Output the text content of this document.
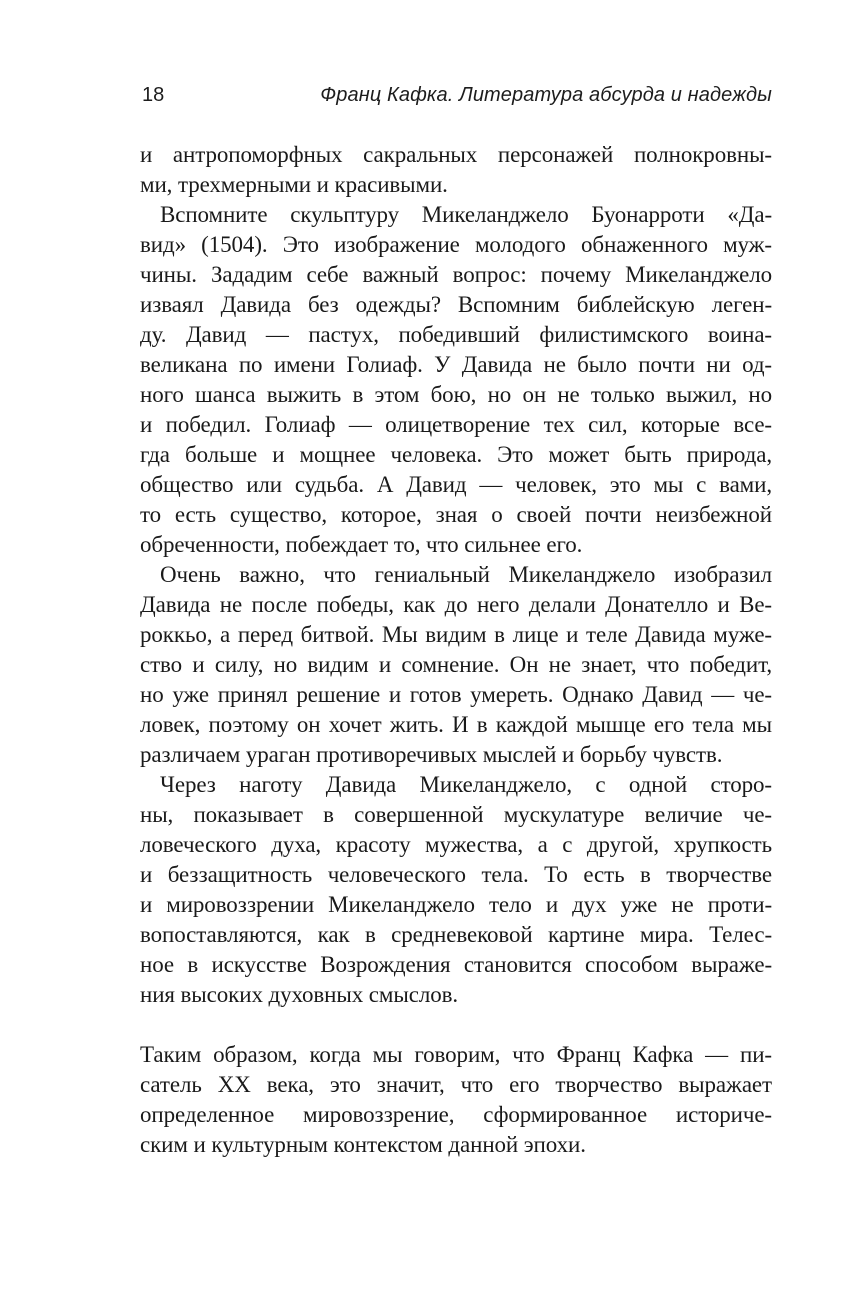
18	Франц Кафка. Литература абсурда и надежды
и антропоморфных сакральных персонажей полнокровны-
ми, трехмерными и красивыми.
Вспомните скульптуру Микеланджело Буонарроти «Да-
вид» (1504). Это изображение молодого обнаженного муж-
чины. Зададим себе важный вопрос: почему Микеланджело
изваял Давида без одежды? Вспомним библейскую леген-
ду. Давид — пастух, победивший филистимского воина-
великана по имени Голиаф. У Давида не было почти ни од-
ного шанса выжить в этом бою, но он не только выжил, но
и победил. Голиаф — олицетворение тех сил, которые все-
гда больше и мощнее человека. Это может быть природа,
общество или судьба. А Давид — человек, это мы с вами,
то есть существо, которое, зная о своей почти неизбежной
обреченности, побеждает то, что сильнее его.
Очень важно, что гениальный Микеланджело изобразил
Давида не после победы, как до него делали Донателло и Ве-
роккьо, а перед битвой. Мы видим в лице и теле Давида муже-
ство и силу, но видим и сомнение. Он не знает, что победит,
но уже принял решение и готов умереть. Однако Давид — че-
ловек, поэтому он хочет жить. И в каждой мышце его тела мы
различаем ураган противоречивых мыслей и борьбу чувств.
Через наготу Давида Микеланджело, с одной сторо-
ны, показывает в совершенной мускулатуре величие че-
ловеческого духа, красоту мужества, а с другой, хрупкость
и беззащитность человеческого тела. То есть в творчестве
и мировоззрении Микеланджело тело и дух уже не проти-
вопоставляются, как в средневековой картине мира. Телес-
ное в искусстве Возрождения становится способом выраже-
ния высоких духовных смыслов.
Таким образом, когда мы говорим, что Франц Кафка — пи-
сатель XX века, это значит, что его творчество выражает
определенное мировоззрение, сформированное историче-
ским и культурным контекстом данной эпохи.
